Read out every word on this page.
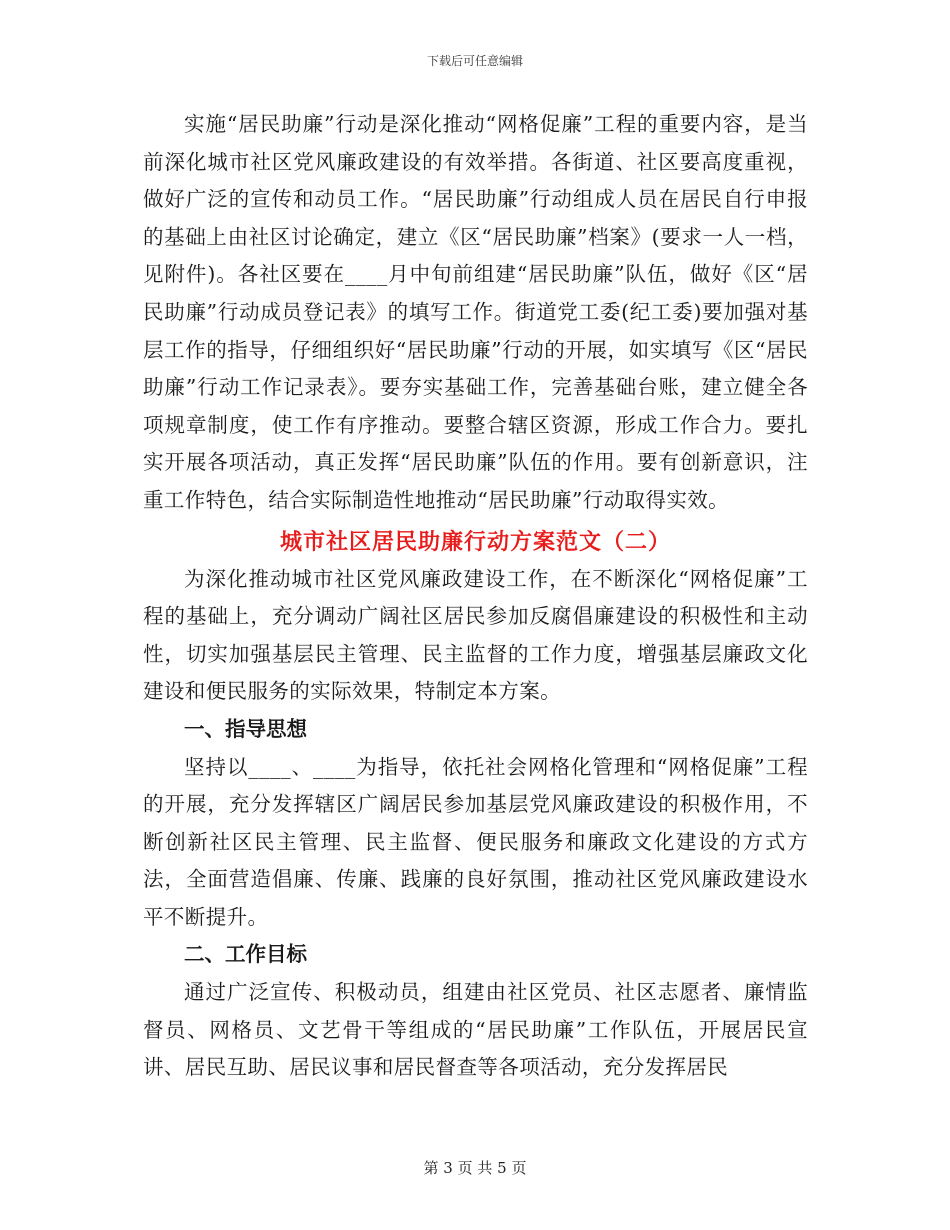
下载后可任意编辑

实施“居民助廉”行动是深化推动“网格促廉”工程的重要内容，是当前深化城市社区党风廉政建设的有效举措。各街道、社区要高度重视，做好广泛的宣传和动员工作。“居民助廉”行动组成人员在居民自行申报的基础上由社区讨论确定，建立《区“居民助廉”档案》(要求一人一档，见附件)。各社区要在____月中旬前组建“居民助廉”队伍，做好《区“居民助廉”行动成员登记表》的填写工作。街道党工委(纪工委)要加强对基层工作的指导，仔细组织好“居民助廉”行动的开展，如实填写《区“居民助廉”行动工作记录表》。要夯实基础工作，完善基础台账，建立健全各项规章制度，使工作有序推动。要整合辖区资源，形成工作合力。要扎实开展各项活动，真正发挥“居民助廉”队伍的作用。要有创新意识，注重工作特色，结合实际制造性地推动“居民助廉”行动取得实效。

城市社区居民助廉行动方案范文（二）

为深化推动城市社区党风廉政建设工作，在不断深化“网格促廉”工程的基础上，充分调动广阔社区居民参加反腐倡廉建设的积极性和主动性，切实加强基层民主管理、民主监督的工作力度，增强基层廉政文化建设和便民服务的实际效果，特制定本方案。

一、指导思想

坚持以____、____为指导，依托社会网格化管理和“网格促廉”工程的开展，充分发挥辖区广阔居民参加基层党风廉政建设的积极作用，不断创新社区民主管理、民主监督、便民服务和廉政文化建设的方式方法，全面营造倡廉、传廉、践廉的良好氛围，推动社区党风廉政建设水平不断提升。

二、工作目标

通过广泛宣传、积极动员，组建由社区党员、社区志愿者、廉情监督员、网格员、文艺骨干等组成的“居民助廉”工作队伍，开展居民宣讲、居民互助、居民议事和居民督查等各项活动，充分发挥居民

第 3 页 共 5 页
